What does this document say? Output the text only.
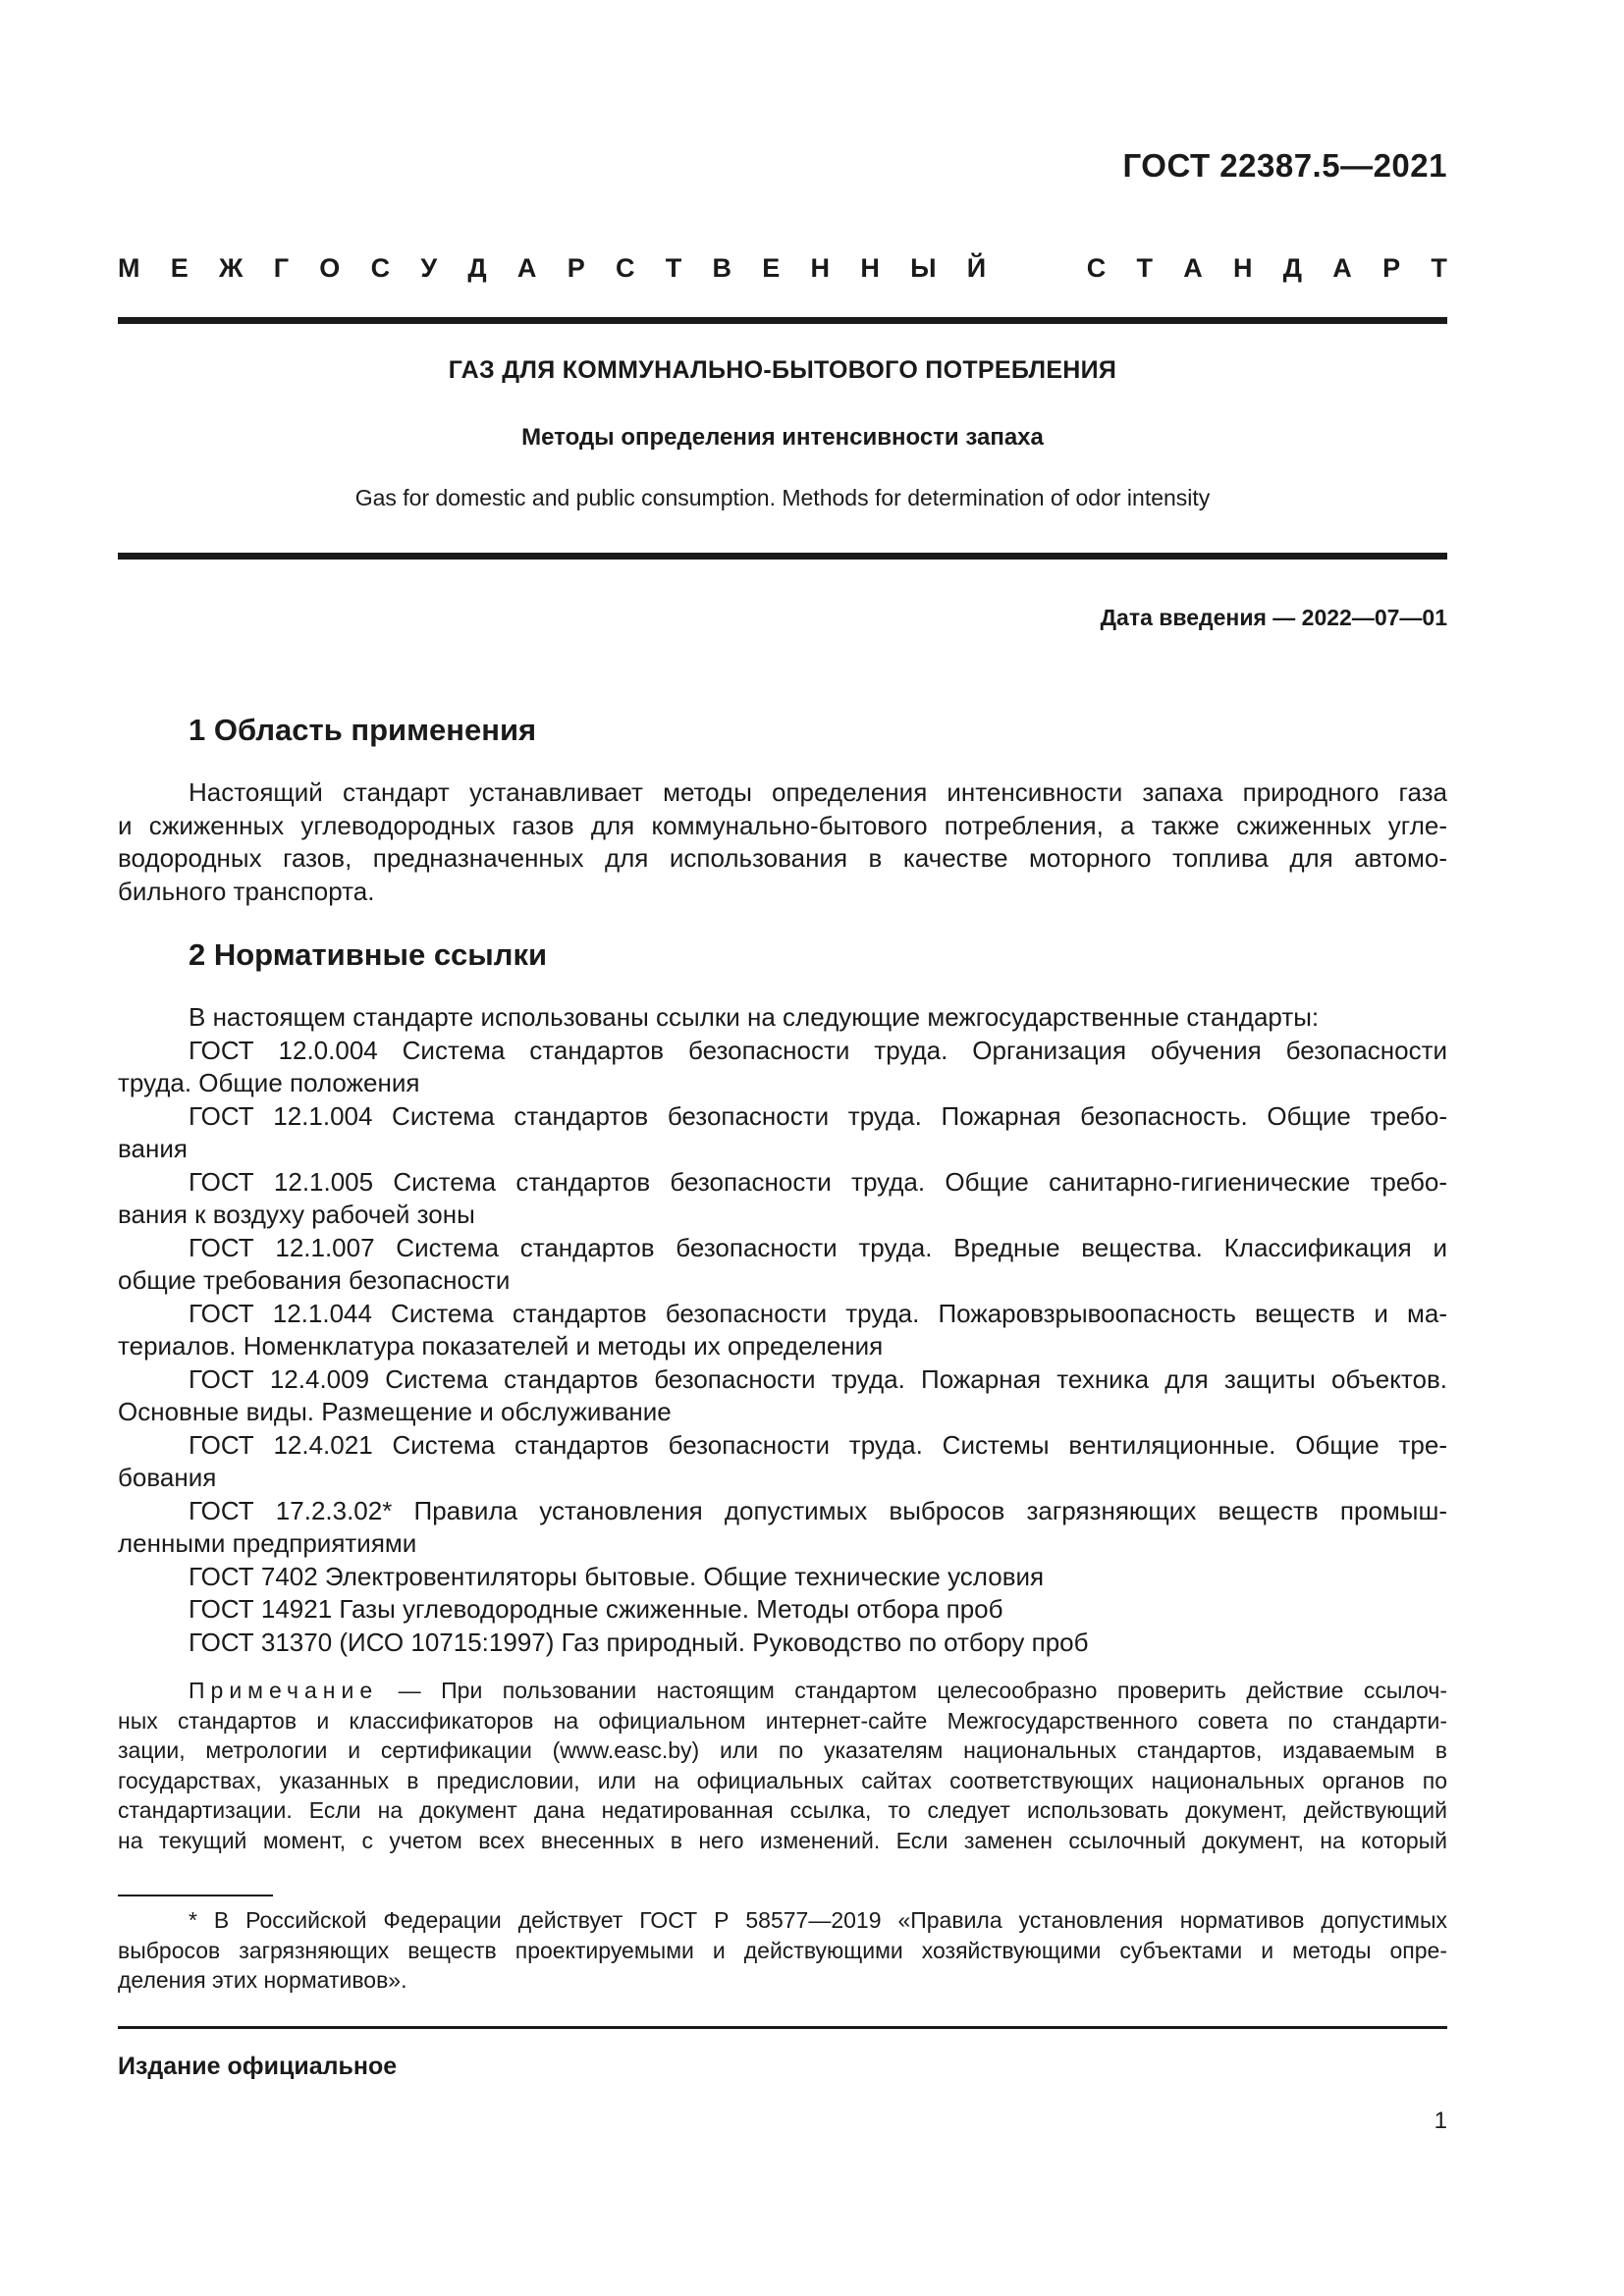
ГОСТ 22387.5—2021
М Е Ж Г О С У Д А Р С Т В Е Н Н Ы Й	С Т А Н Д А Р Т
ГАЗ ДЛЯ КОММУНАЛЬНО-БЫТОВОГО ПОТРЕБЛЕНИЯ
Методы определения интенсивности запаха
Gas for domestic and public consumption. Methods for determination of odor intensity
Дата введения — 2022—07—01
1 Область применения
Настоящий стандарт устанавливает методы определения интенсивности запаха природного газа
и сжиженных углеводородных газов для коммунально-бытового потребления, а также сжиженных угле-
водородных газов, предназначенных для использования в качестве моторного топлива для автомо-
бильного транспорта.
2 Нормативные ссылки
В настоящем стандарте использованы ссылки на следующие межгосударственные стандарты:
ГОСТ 12.0.004 Система стандартов безопасности труда. Организация обучения безопасности
труда. Общие положения
ГОСТ 12.1.004 Система стандартов безопасности труда. Пожарная безопасность. Общие требо-
вания
ГОСТ 12.1.005 Система стандартов безопасности труда. Общие санитарно-гигиенические требо-
вания к воздуху рабочей зоны
ГОСТ 12.1.007 Система стандартов безопасности труда. Вредные вещества. Классификация и
общие требования безопасности
ГОСТ 12.1.044 Система стандартов безопасности труда. Пожаровзрывоопасность веществ и ма-
териалов. Номенклатура показателей и методы их определения
ГОСТ 12.4.009 Система стандартов безопасности труда. Пожарная техника для защиты объектов.
Основные виды. Размещение и обслуживание
ГОСТ 12.4.021 Система стандартов безопасности труда. Системы вентиляционные. Общие тре-
бования
ГОСТ 17.2.3.02* Правила установления допустимых выбросов загрязняющих веществ промыш-
ленными предприятиями
ГОСТ 7402 Электровентиляторы бытовые. Общие технические условия
ГОСТ 14921 Газы углеводородные сжиженные. Методы отбора проб
ГОСТ 31370 (ИСО 10715:1997) Газ природный. Руководство по отбору проб
Примечание — При пользовании настоящим стандартом целесообразно проверить действие ссылоч-
ных стандартов и классификаторов на официальном интернет-сайте Межгосударственного совета по стандарти-
зации, метрологии и сертификации (www.easc.by) или по указателям национальных стандартов, издаваемым в
государствах, указанных в предисловии, или на официальных сайтах соответствующих национальных органов по
стандартизации. Если на документ дана недатированная ссылка, то следует использовать документ, действующий
на текущий момент, с учетом всех внесенных в него изменений. Если заменен ссылочный документ, на который
* В Российской Федерации действует ГОСТ Р 58577—2019 «Правила установления нормативов допустимых
выбросов загрязняющих веществ проектируемыми и действующими хозяйствующими субъектами и методы опре-
деления этих нормативов».
Издание официальное
1
